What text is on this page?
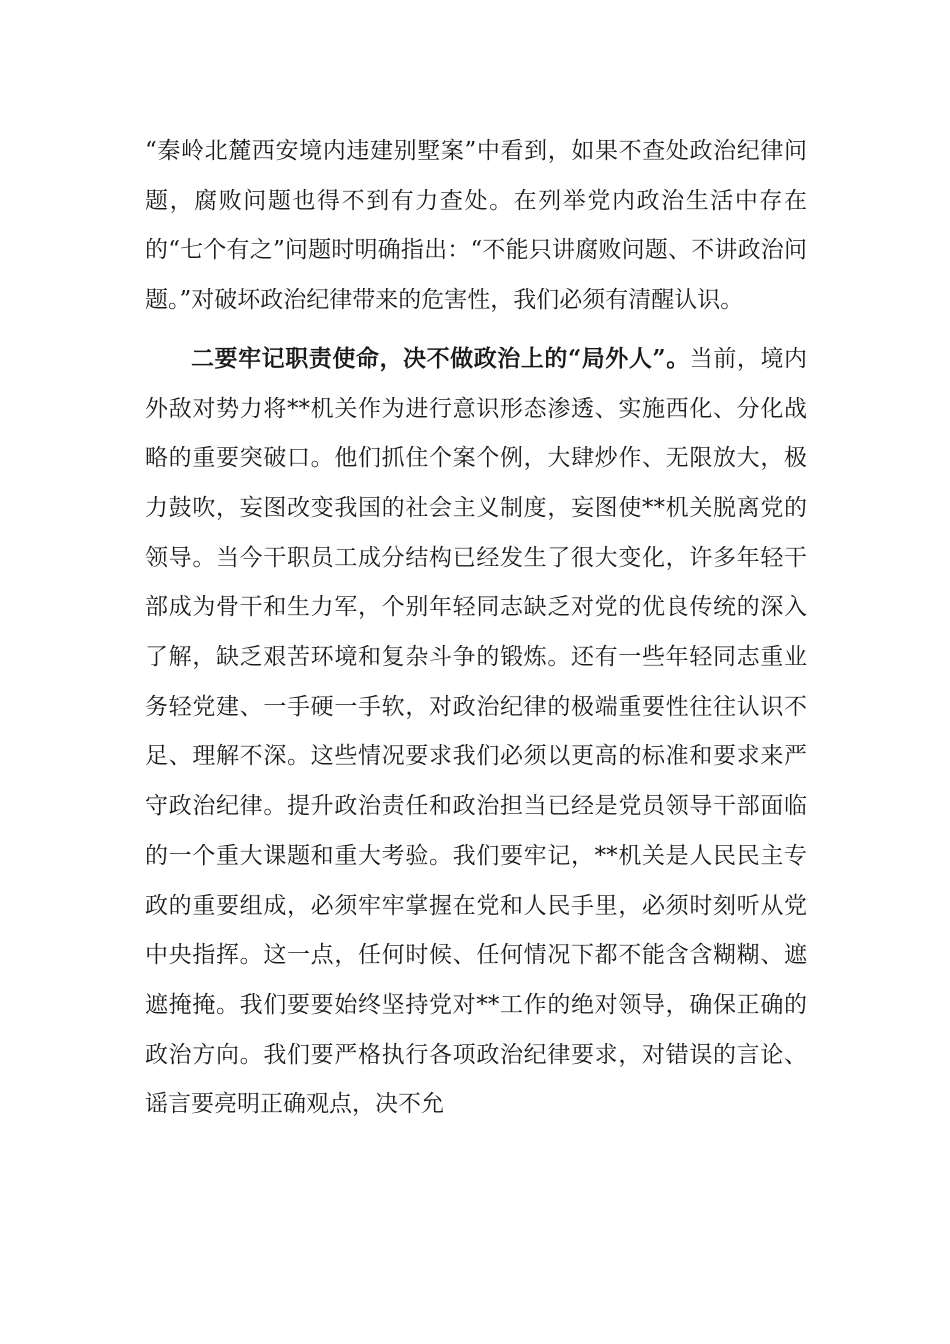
“秦岭北麓西安境内违建别墅案”中看到，如果不查处政治纪律问题，腐败问题也得不到有力查处。在列举党内政治生活中存在的“七个有之”问题时明确指出：“不能只讲腐败问题、不讲政治问题。”对破坏政治纪律带来的危害性，我们必须有清醒认识。

二要牢记职责使命，决不做政治上的“局外人”。当前，境内外敌对势力将**机关作为进行意识形态渗透、实施西化、分化战略的重要突破口。他们抓住个案个例，大肆炒作、无限放大，极力鼓吹，妄图改变我国的社会主义制度，妄图使**机关脱离党的领导。当今干职员工成分结构已经发生了很大变化，许多年轻干部成为骨干和生力军，个别年轻同志缺乏对党的优良传统的深入了解，缺乏艰苦环境和复杂斗争的锻炼。还有一些年轻同志重业务轻党建、一手硬一手软，对政治纪律的极端重要性往往认识不足、理解不深。这些情况要求我们必须以更高的标准和要求来严守政治纪律。提升政治责任和政治担当已经是党员领导干部面临的一个重大课题和重大考验。我们要牢记，**机关是人民民主专政的重要组成，必须牢牢掌握在党和人民手里，必须时刻听从党中央指挥。这一点，任何时候、任何情况下都不能含含糊糊、遮遮掩掩。我们要要始终坚持党对**工作的绝对领导，确保正确的政治方向。我们要严格执行各项政治纪律要求，对错误的言论、谣言要亮明正确观点，决不允
